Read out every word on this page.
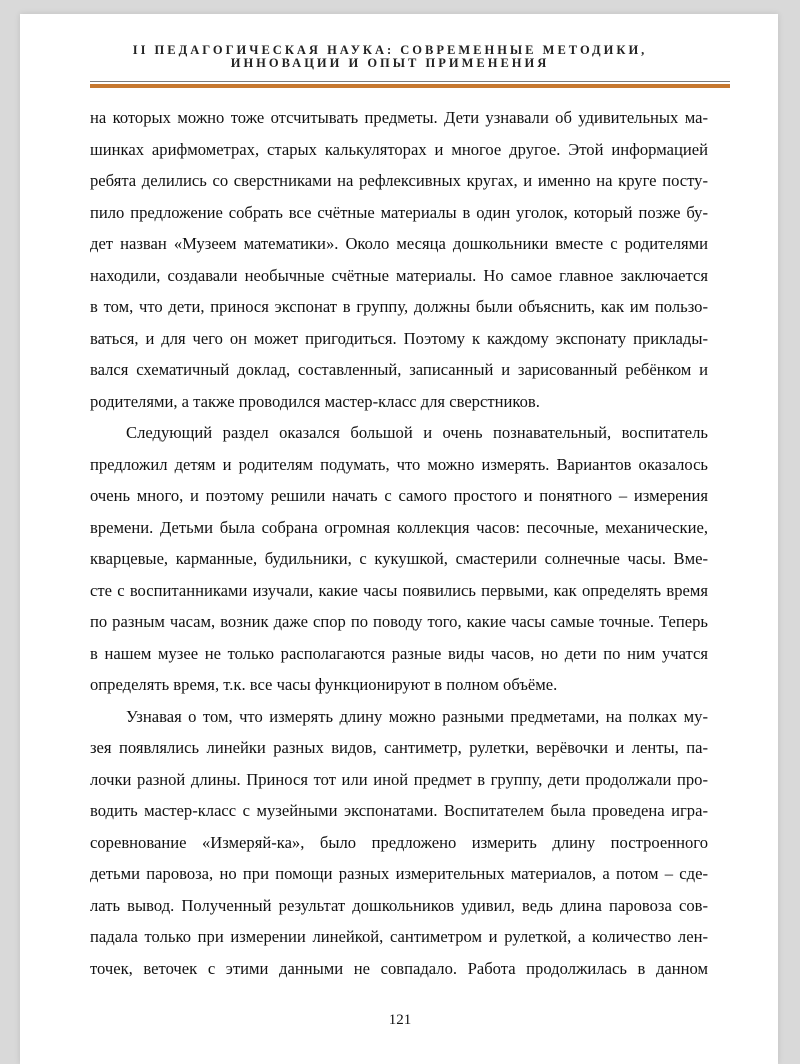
II ПЕДАГОГИЧЕСКАЯ НАУКА: СОВРЕМЕННЫЕ МЕТОДИКИ,
ИННОВАЦИИ И ОПЫТ ПРИМЕНЕНИЯ

на которых можно тоже отсчитывать предметы. Дети узнавали об удивительных ма-

шинках арифмометрах, старых калькуляторах и многое другое. Этой информацией

ребята делились со сверстниками на рефлексивных кругах, и именно на круге посту-

пило предложение собрать все счётные материалы в один уголок, который позже бу-

дет назван «Музеем математики». Около месяца дошкольники вместе с родителями

находили, создавали необычные счётные материалы. Но самое главное заключается

в том, что дети, принося экспонат в группу, должны были объяснить, как им пользо-

ваться, и для чего он может пригодиться. Поэтому к каждому экспонату приклады-

вался схематичный доклад, составленный, записанный и зарисованный ребёнком и

родителями, а также проводился мастер-класс для сверстников.

Следующий раздел оказался большой и очень познавательный, воспитатель

предложил детям и родителям подумать, что можно измерять. Вариантов оказалось

очень много, и поэтому решили начать с самого простого и понятного – измерения

времени. Детьми была собрана огромная коллекция часов: песочные, механические,

кварцевые, карманные, будильники, с кукушкой, смастерили солнечные часы. Вме-

сте с воспитанниками изучали, какие часы появились первыми, как определять время

по разным часам, возник даже спор по поводу того, какие часы самые точные. Теперь

в нашем музее не только располагаются разные виды часов, но дети по ним учатся

определять время, т.к. все часы функционируют в полном объёме.

Узнавая о том, что измерять длину можно разными предметами, на полках му-

зея появлялись линейки разных видов, сантиметр, рулетки, верёвочки и ленты, па-

лочки разной длины. Принося тот или иной предмет в группу, дети продолжали про-

водить мастер-класс с музейными экспонатами. Воспитателем была проведена игра-

соревнование «Измеряй-ка», было предложено измерить длину построенного

детьми паровоза, но при помощи разных измерительных материалов, а потом – сде-

лать вывод. Полученный результат дошкольников удивил, ведь длина паровоза сов-

падала только при измерении линейкой, сантиметром и рулеткой, а количество лен-

точек, веточек с этими данными не совпадало. Работа продолжилась в данном

121
